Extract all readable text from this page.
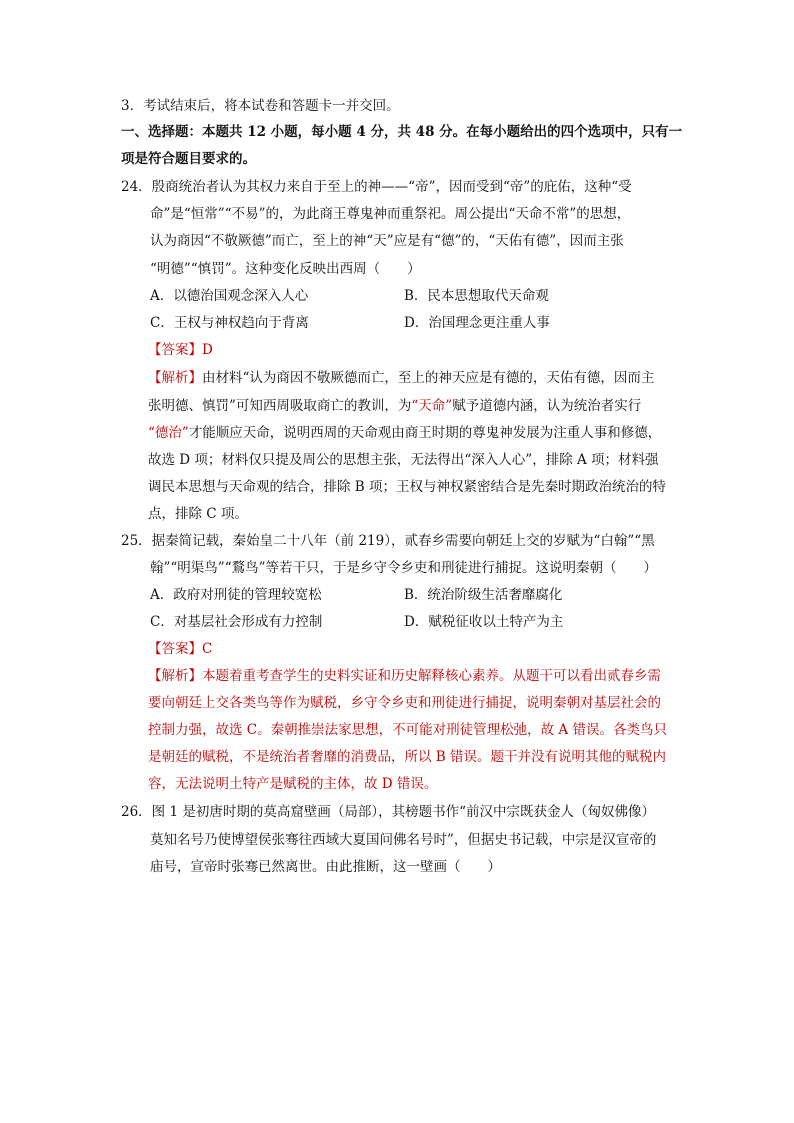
3．考试结束后，将本试卷和答题卡一并交回。
一、选择题：本题共 12 小题，每小题 4 分，共 48 分。在每小题给出的四个选项中，只有一
项是符合题目要求的。
24．殷商统治者认为其权力来自于至上的神——“帝”，因而受到“帝”的庇佑，这种“受
命”是“恒常”“不易”的，为此商王尊鬼神而重祭祀。周公提出“天命不常”的思想，
认为商因“不敬厥德”而亡，至上的神“天”应是有“德”的，“天佑有德”，因而主张
“明德”“慎罚”。这种变化反映出西周（　　）
A．以德治国观念深入人心	B．民本思想取代天命观
C．王权与神权趋向于背离	D．治国理念更注重人事
【答案】D
【解析】由材料“认为商因不敬厥德而亡，至上的神天应是有德的，天佑有德，因而主
张明德、慎罚”可知西周吸取商亡的教训，为“天命”赋予道德内涵，认为统治者实行
“德治”才能顺应天命，说明西周的天命观由商王时期的尊鬼神发展为注重人事和修德，
故选 D 项；材料仅只提及周公的思想主张，无法得出“深入人心”，排除 A 项；材料强
调民本思想与天命观的结合，排除 B 项；王权与神权紧密结合是先秦时期政治统治的特
点，排除 C 项。
25．据秦简记载，秦始皇二十八年（前 219），贰春乡需要向朝廷上交的岁赋为“白翰”“黑
翰”“明渠鸟”“鶩鸟”等若干只，于是乡守令乡吏和刑徒进行捕捉。这说明秦朝（　　）
A．政府对刑徒的管理较宽松	B．统治阶级生活奢靡腐化
C．对基层社会形成有力控制	D．赋税征收以土特产为主
【答案】C
【解析】本题着重考查学生的史料实证和历史解释核心素养。从题干可以看出贰春乡需
要向朝廷上交各类鸟等作为赋税，乡守令乡吏和刑徒进行捕捉，说明秦朝对基层社会的
控制力强，故选 C。秦朝推崇法家思想，不可能对刑徒管理松弛，故 A 错误。各类鸟只
是朝廷的赋税，不是统治者奢靡的消费品，所以 B 错误。题干并没有说明其他的赋税内
容，无法说明土特产是赋税的主体，故 D 错误。
26．图 1 是初唐时期的莫高窟壁画（局部），其榜题书作“前汉中宗既获金人（匈奴佛像）
莫知名号乃使博望侯张骞往西域大夏国问佛名号时”，但据史书记载，中宗是汉宣帝的
庙号，宣帝时张骞已然离世。由此推断，这一壁画（　　）
